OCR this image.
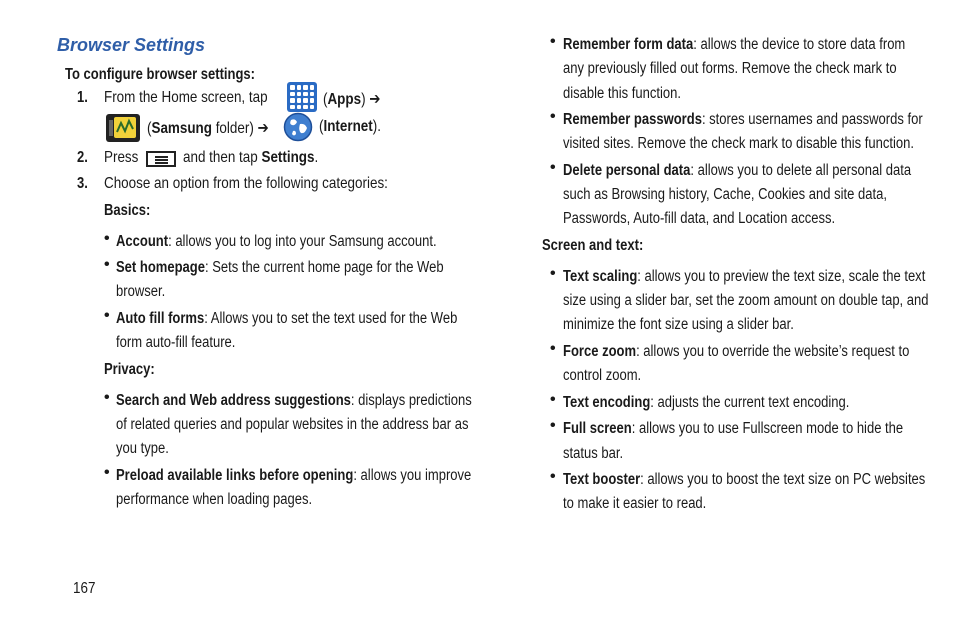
Browser Settings
To configure browser settings:
1. From the Home screen, tap	(Apps) ➔
(Samsung folder) ➔	(Internet).
2. Press	and then tap Settings.
3. Choose an option from the following categories:
Basics:
• Account: allows you to log into your Samsung account.
• Set homepage: Sets the current home page for the Web
browser.
• Auto fill forms: Allows you to set the text used for the Web
form auto-fill feature.
Privacy:
• Search and Web address suggestions: displays predictions
of related queries and popular websites in the address bar as
you type.
• Preload available links before opening: allows you improve
performance when loading pages.
• Remember form data: allows the device to store data from
any previously filled out forms. Remove the check mark to
disable this function.
• Remember passwords: stores usernames and passwords for
visited sites. Remove the check mark to disable this function.
• Delete personal data: allows you to delete all personal data
such as Browsing history, Cache, Cookies and site data,
Passwords, Auto-fill data, and Location access.
Screen and text:
• Text scaling: allows you to preview the text size, scale the text
size using a slider bar, set the zoom amount on double tap, and
minimize the font size using a slider bar.
• Force zoom: allows you to override the website’s request to
control zoom.
• Text encoding: adjusts the current text encoding.
• Full screen: allows you to use Fullscreen mode to hide the
status bar.
• Text booster: allows you to boost the text size on PC websites
to make it easier to read.
167
